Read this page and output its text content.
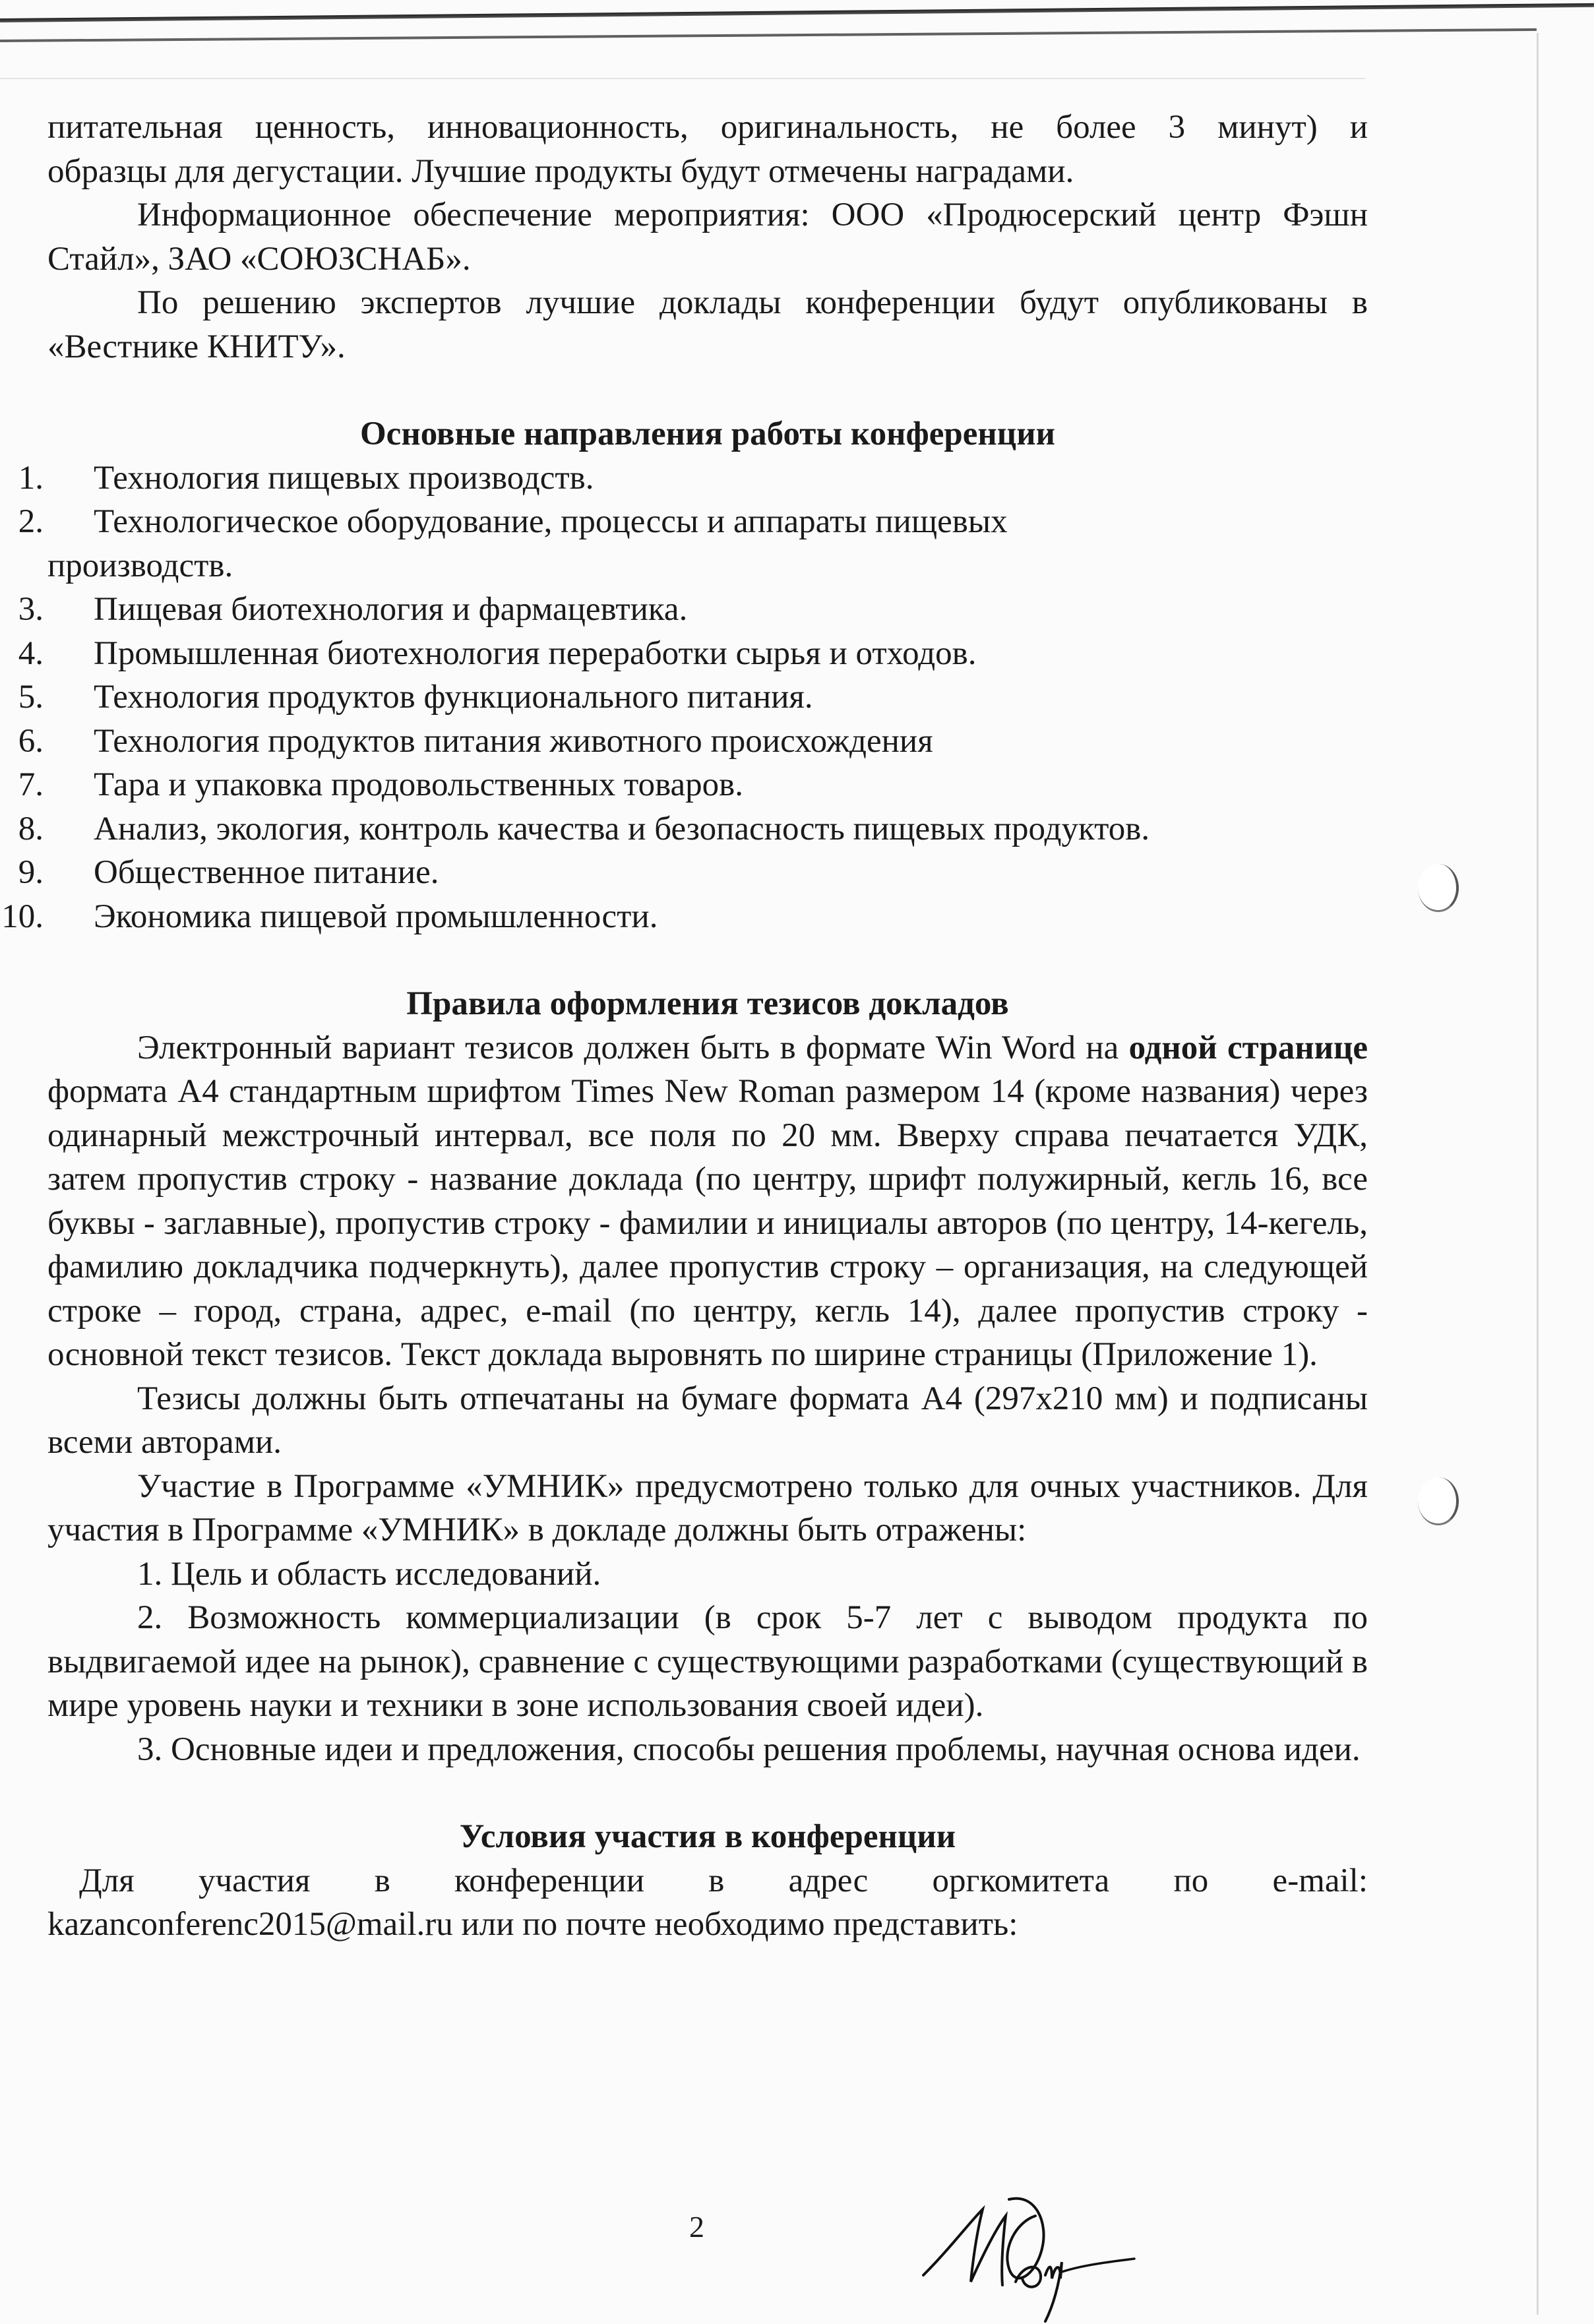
питательная ценность, инновационность, оригинальность, не более 3 минут) и

образцы для дегустации. Лучшие продукты будут отмечены наградами.

Информационное обеспечение мероприятия: ООО «Продюсерский центр Фэшн Стайл», ЗАО «СОЮЗСНАБ».

По решению экспертов лучшие доклады конференции будут опубликованы в «Вестнике КНИТУ».

Основные направления работы конференции

1. Технология пищевых производств.
2. Технологическое оборудование, процессы и аппараты пищевых
производств.
3. Пищевая биотехнология и фармацевтика.
4. Промышленная биотехнология переработки сырья и отходов.
5. Технология продуктов функционального питания.
6. Технология продуктов питания животного происхождения
7. Тара и упаковка продовольственных товаров.
8. Анализ, экология, контроль качества и безопасность пищевых продуктов.
9. Общественное питание.
10. Экономика пищевой промышленности.

Правила оформления тезисов докладов

Электронный вариант тезисов должен быть в формате Win Word на одной странице формата А4 стандартным шрифтом Times New Roman размером 14 (кроме названия) через одинарный межстрочный интервал, все поля по 20 мм. Вверху справа печатается УДК, затем пропустив строку - название доклада (по центру, шрифт полужирный, кегль 16, все буквы - заглавные), пропустив строку - фамилии и инициалы авторов (по центру, 14-кегель, фамилию докладчика подчеркнуть), далее пропустив строку – организация, на следующей строке – город, страна, адрес, e-mail (по центру, кегль 14), далее пропустив строку - основной текст тезисов. Текст доклада выровнять по ширине страницы (Приложение 1).

Тезисы должны быть отпечатаны на бумаге формата А4 (297x210 мм) и подписаны всеми авторами.

Участие в Программе «УМНИК» предусмотрено только для очных участников. Для участия в Программе «УМНИК» в докладе должны быть отражены:

1. Цель и область исследований.

2. Возможность коммерциализации (в срок 5-7 лет с выводом продукта по выдвигаемой идее на рынок), сравнение с существующими разработками (существующий в мире уровень науки и техники в зоне использования своей идеи).

3. Основные идеи и предложения, способы решения проблемы, научная основа идеи.

Условия участия в конференции

Для участия в конференции в адрес оргкомитета по e-mail:

kazanconferenc2015@mail.ru или по почте необходимо представить:

2
